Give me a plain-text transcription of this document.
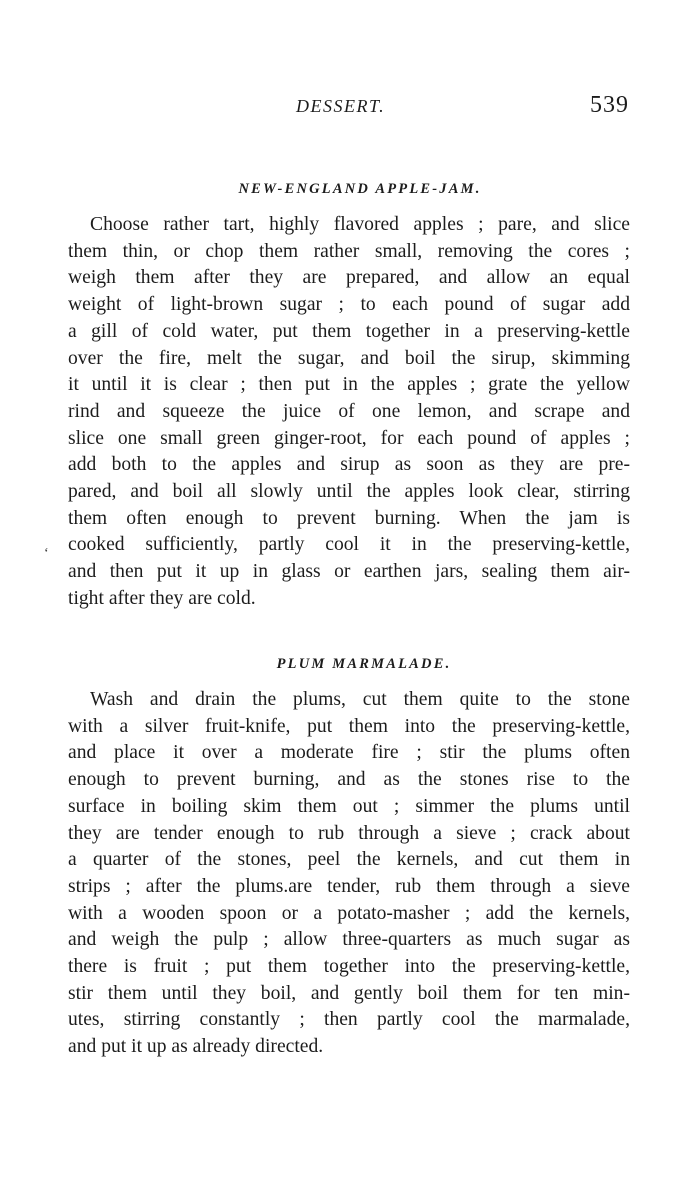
DESSERT.	539
NEW-ENGLAND APPLE-JAM.
Choose rather tart, highly flavored apples ; pare, and slice
them thin, or chop them rather small, removing the cores ;
weigh them after they are prepared, and allow an equal
weight of light-brown sugar ; to each pound of sugar add
a gill of cold water, put them together in a preserving-kettle
over the fire, melt the sugar, and boil the sirup, skimming
it until it is clear ; then put in the apples ; grate the yellow
rind and squeeze the juice of one lemon, and scrape and
slice one small green ginger-root, for each pound of apples ;
add both to the apples and sirup as soon as they are pre-
pared, and boil all slowly until the apples look clear, stirring
them often enough to prevent burning. When the jam is
cooked sufficiently, partly cool it in the preserving-kettle,
and then put it up in glass or earthen jars, sealing them air-
tight after they are cold.
‘
PLUM MARMALADE.
Wash and drain the plums, cut them quite to the stone
with a silver fruit-knife, put them into the preserving-kettle,
and place it over a moderate fire ; stir the plums often
enough to prevent burning, and as the stones rise to the
surface in boiling skim them out ; simmer the plums until
they are tender enough to rub through a sieve ; crack about
a quarter of the stones, peel the kernels, and cut them in
strips ; after the plums.are tender, rub them through a sieve
with a wooden spoon or a potato-masher ; add the kernels,
and weigh the pulp ; allow three-quarters as much sugar as
there is fruit ; put them together into the preserving-kettle,
stir them until they boil, and gently boil them for ten min-
utes, stirring constantly ; then partly cool the marmalade,
and put it up as already directed.
